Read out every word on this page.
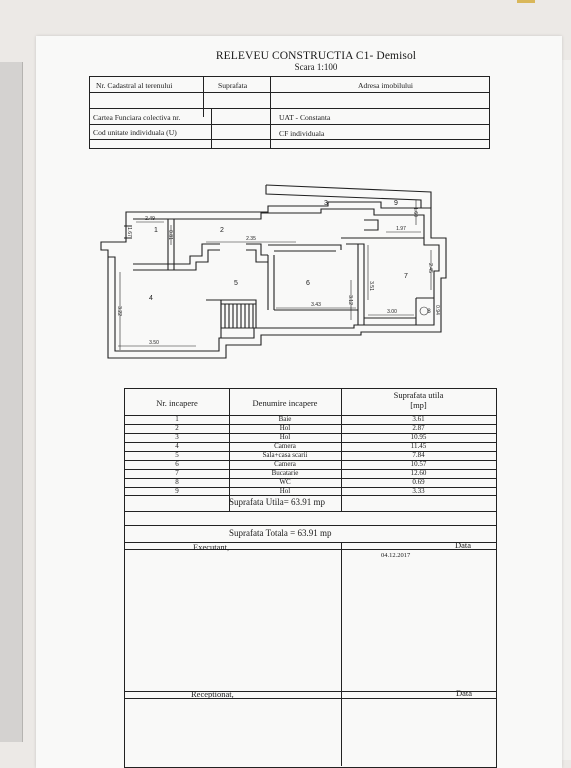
RELEVEU CONSTRUCTIA C1- Demisol
Scara 1:100
Nr. Cadastral al terenului	Suprafata	Adresa imobilului
Cartea Funciara colectiva nr.	UAT - Constanta
Cod unitate individuala (U)	CF individuala
1	2
3
4
5	6
7
8
9
2.49
2.35
3.50
3.43
3.00
1.97
1.60
3.22
3.12
3.51
2.45
0.81
1.67
0.94
Nr. incapere	Denumire incapere
Suprafata utila
[mp]
1	Baie	3.61
2	Hol	2.87
3	Hol	10.95
4	Camera	11.45
5	Sala+casa scarii	7.84
6	Camera	10.57
7	Bucatarie	12.60
8	WC	0.69
9	Hol	3.33
Suprafata Utila= 63.91 mp
Suprafata Totala = 63.91 mp
Executant,	Data
04.12.2017
Receptionat,	Data
